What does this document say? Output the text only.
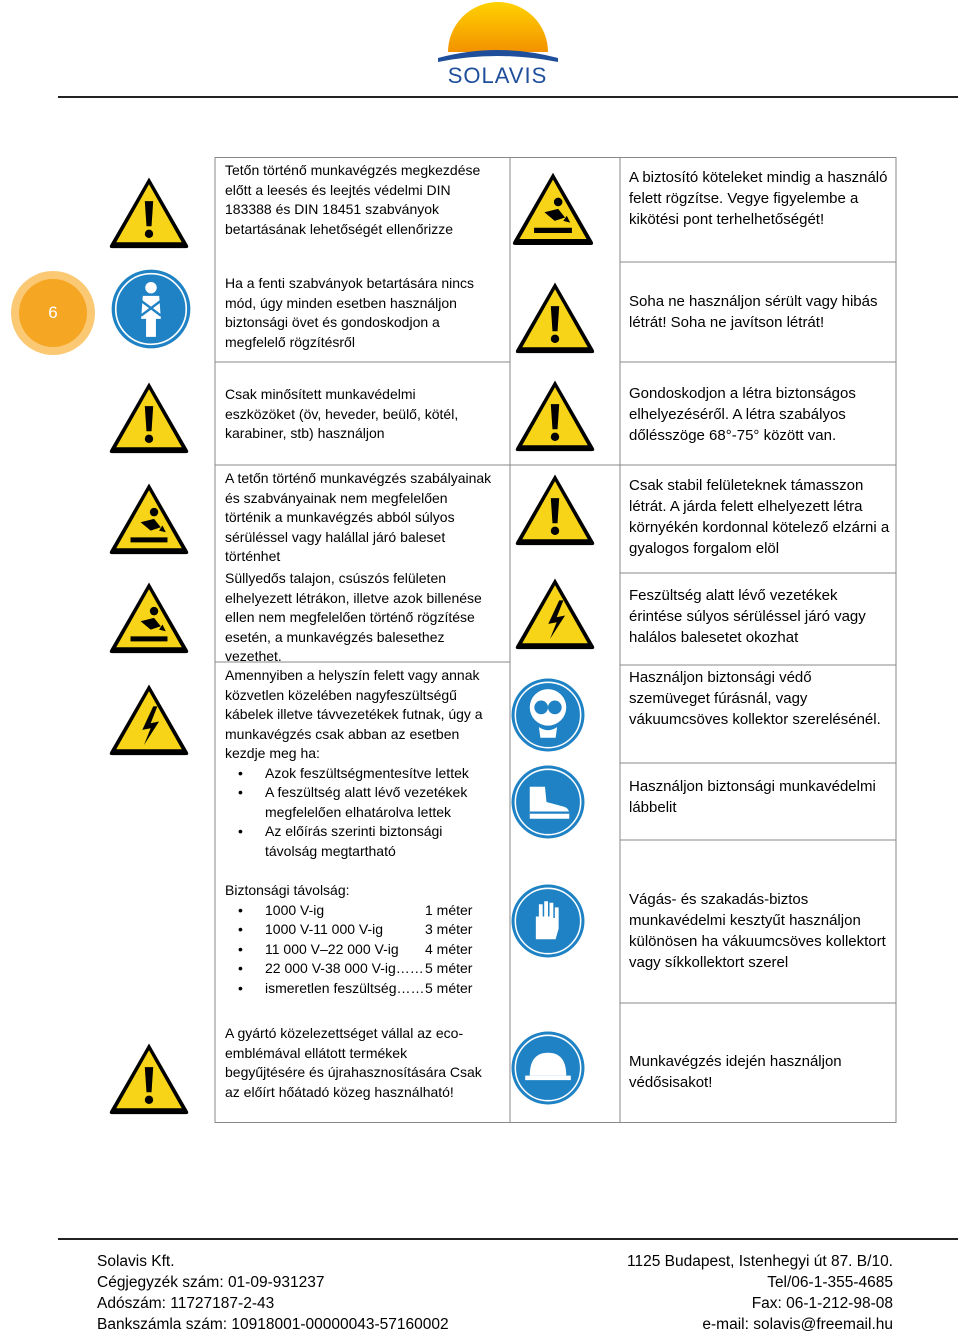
SOLAVIS
6
Tetőn történő munkavégzés megkezdése előtt a leesés és leejtés védelmi DIN 183388 és DIN 18451 szabványok betartásának lehetőségét ellenőrizze
Ha a fenti szabványok betartására nincs mód, úgy minden esetben használjon biztonsági övet és gondoskodjon a megfelelő rögzítésről
Csak minősített munkavédelmi eszközöket (öv, heveder, beülő, kötél, karabiner, stb) használjon
A tetőn történő munkavégzés szabályainak és szabványainak nem megfelelően történik a munkavégzés abból súlyos sérüléssel vagy halállal járó baleset történhet
Süllyedős talajon, csúszós felületen elhelyezett létrákon, illetve azok billenése ellen nem megfelelően történő rögzítése esetén, a munkavégzés balesethez vezethet.

Amennyiben a helyszín felett vagy annak közvetlen közelében nagyfeszültségű kábelek illetve távvezetékek futnak, úgy a munkavégzés csak abban az esetben kezdje meg ha:

• Azok feszültségmentesítve lettek
• A feszültség alatt lévő vezetékek megfelelően elhatárolva lettek
• Az előírás szerinti biztonsági távolság megtartható

Biztonsági távolság:

• 1000 V-ig	1 méter
• 1000 V-11 000 V-ig	3 méter
• 11 000 V–22 000 V-ig 4 méter
• 22 000 V-38 000 V-ig…… 5 méter
• ismeretlen feszültség…… 5 méter
A gyártó közelezettséget vállal az eco-emblémával ellátott termékek begyűjtésére és újrahasznosítására Csak az előírt hőátadó közeg használható!
A biztosító köteleket mindig a használó felett rögzítse. Vegye figyelembe a kikötési pont terhelhetőségét!
Soha ne használjon sérült vagy hibás létrát! Soha ne javítson létrát!
Gondoskodjon a létra biztonságos elhelyezéséről. A létra szabályos dőlésszöge 68°-75° között van.
Csak stabil felületeknek támasszon létrát. A járda felett elhelyezett létra környékén kordonnal kötelező elzárni a gyalogos forgalom elöl
Feszültség alatt lévő vezetékek érintése súlyos sérüléssel járó vagy halálos balesetet okozhat
Használjon biztonsági védő szemüveget fúrásnál, vagy vákuumcsöves kollektor szerelésénél.
Használjon biztonsági munkavédelmi lábbelit
Vágás- és szakadás-biztos munkavédelmi kesztyűt használjon különösen ha vákuumcsöves kollektort vagy síkkollektort szerel
Munkavégzés idején használjon védősisakot!
Solavis Kft.
Cégjegyzék szám: 01-09-931237
Adószám: 11727187-2-43
Bankszámla szám: 10918001-00000043-57160002
1125 Budapest, Istenhegyi út 87. B/10.
Tel/06-1-355-4685
Fax: 06-1-212-98-08
e-mail: solavis@freemail.hu
